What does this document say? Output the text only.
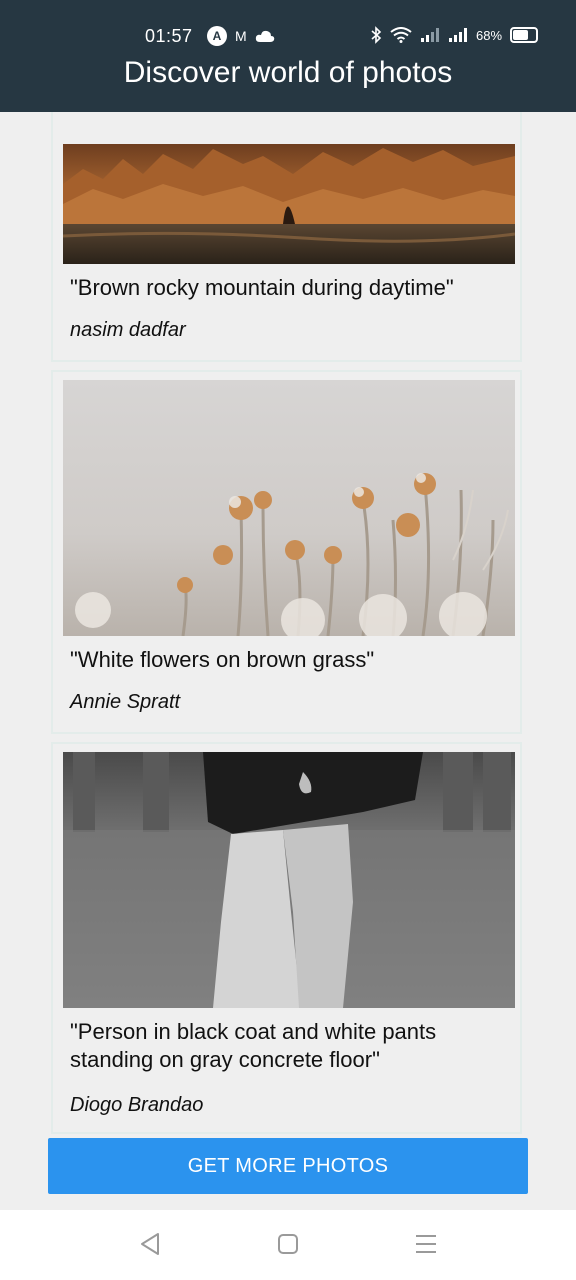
01:57	A M	68%
Discover world of photos
"Brown rocky mountain during daytime"
nasim dadfar
"White flowers on brown grass"
Annie Spratt
"Person in black coat and white pants standing on gray concrete floor"
Diogo Brandao
GET MORE PHOTOS
